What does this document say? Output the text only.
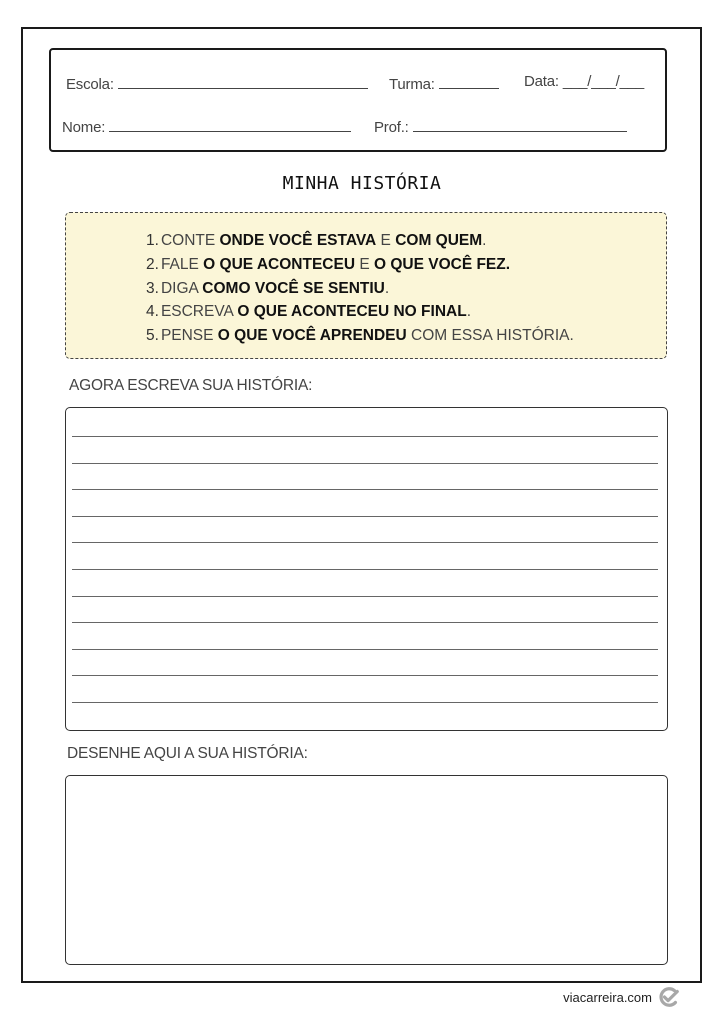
Escola:	Turma:	Data: ___/___/___
Nome:	Prof.:
MINHA HISTÓRIA
1. CONTE ONDE VOCÊ ESTAVA E COM QUEM.
2. FALE O QUE ACONTECEU E O QUE VOCÊ FEZ.
3. DIGA COMO VOCÊ SE SENTIU.
4. ESCREVA O QUE ACONTECEU NO FINAL.
5. PENSE O QUE VOCÊ APRENDEU COM ESSA HISTÓRIA.
AGORA ESCREVA SUA HISTÓRIA:
DESENHE AQUI A SUA HISTÓRIA:
viacarreira.com
